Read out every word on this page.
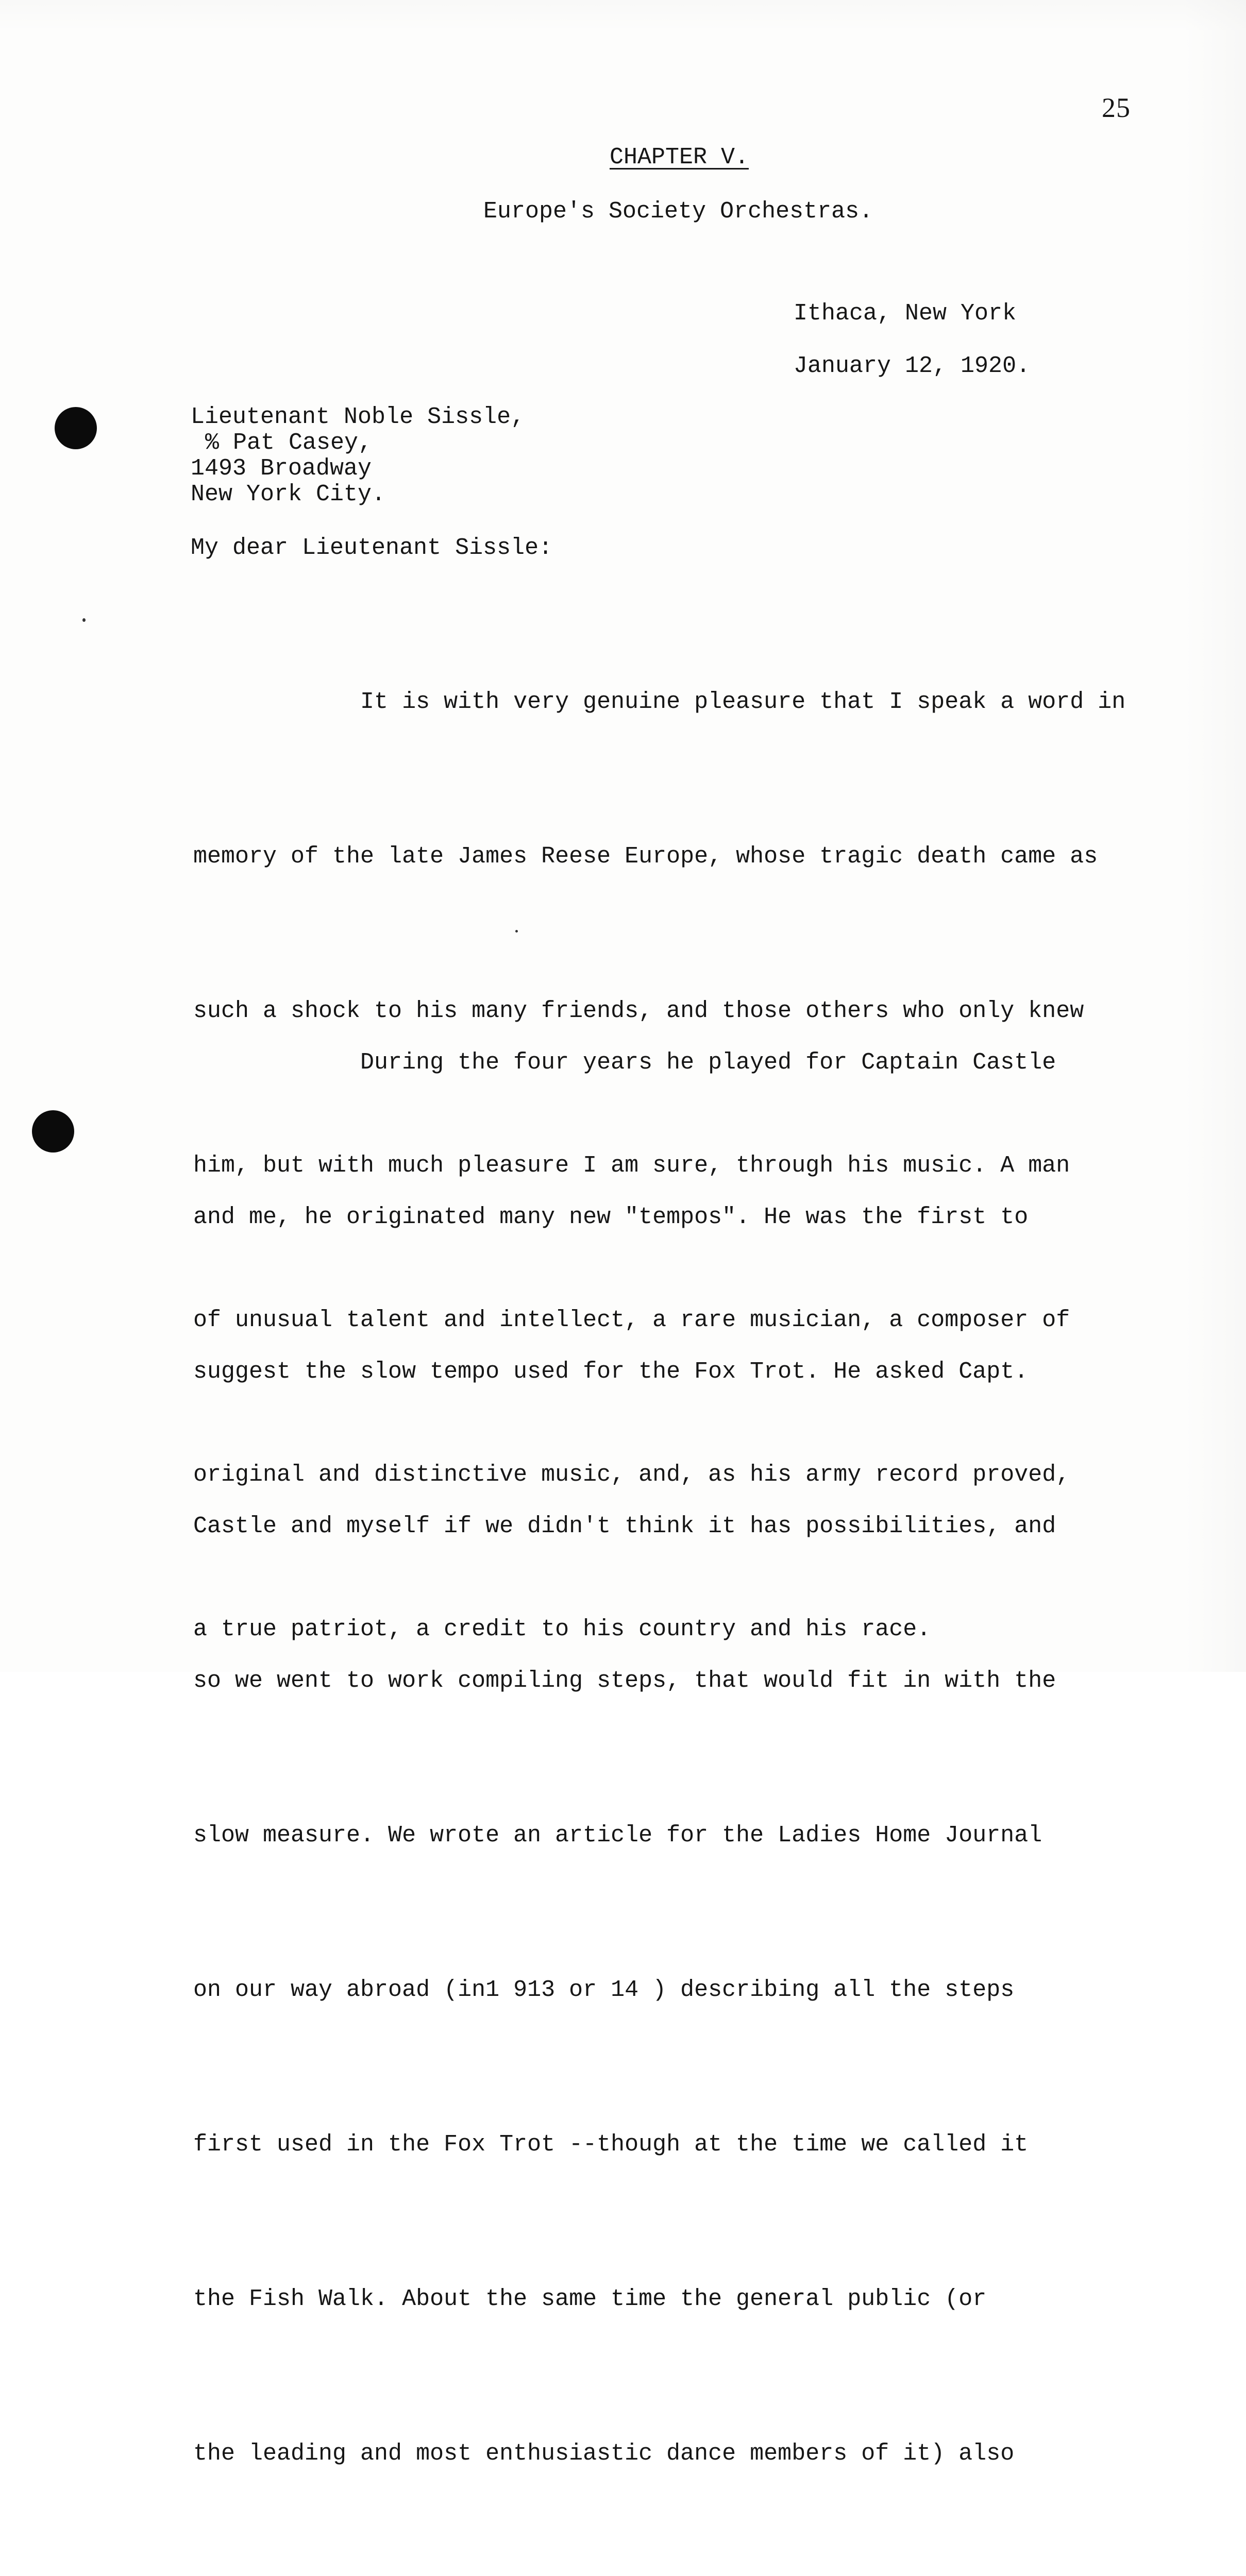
25
CHAPTER V.
Europe's Society Orchestras.
Ithaca, New York
January 12, 1920.
Lieutenant Noble Sissle,
% Pat Casey,
1493 Broadway
New York City.
My dear Lieutenant Sissle:

It is with very genuine pleasure that I speak a word in

memory of the late James Reese Europe, whose tragic death came as

such a shock to his many friends, and those others who only knew

him, but with much pleasure I am sure, through his music. A man

of unusual talent and intellect, a rare musician, a composer of

original and distinctive music, and, as his army record proved,

a true patriot, a credit to his country and his race.

During the four years he played for Captain Castle

and me, he originated many new "tempos". He was the first to

suggest the slow tempo used for the Fox Trot. He asked Capt.

Castle and myself if we didn't think it has possibilities, and

so we went to work compiling steps, that would fit in with the

slow measure. We wrote an article for the Ladies Home Journal

on our way abroad (in1 913 or 14 ) describing all the steps

first used in the Fox Trot --though at the time we called it

the Fish Walk. About the same time the general public (or

the leading and most enthusiastic dance members of it) also
